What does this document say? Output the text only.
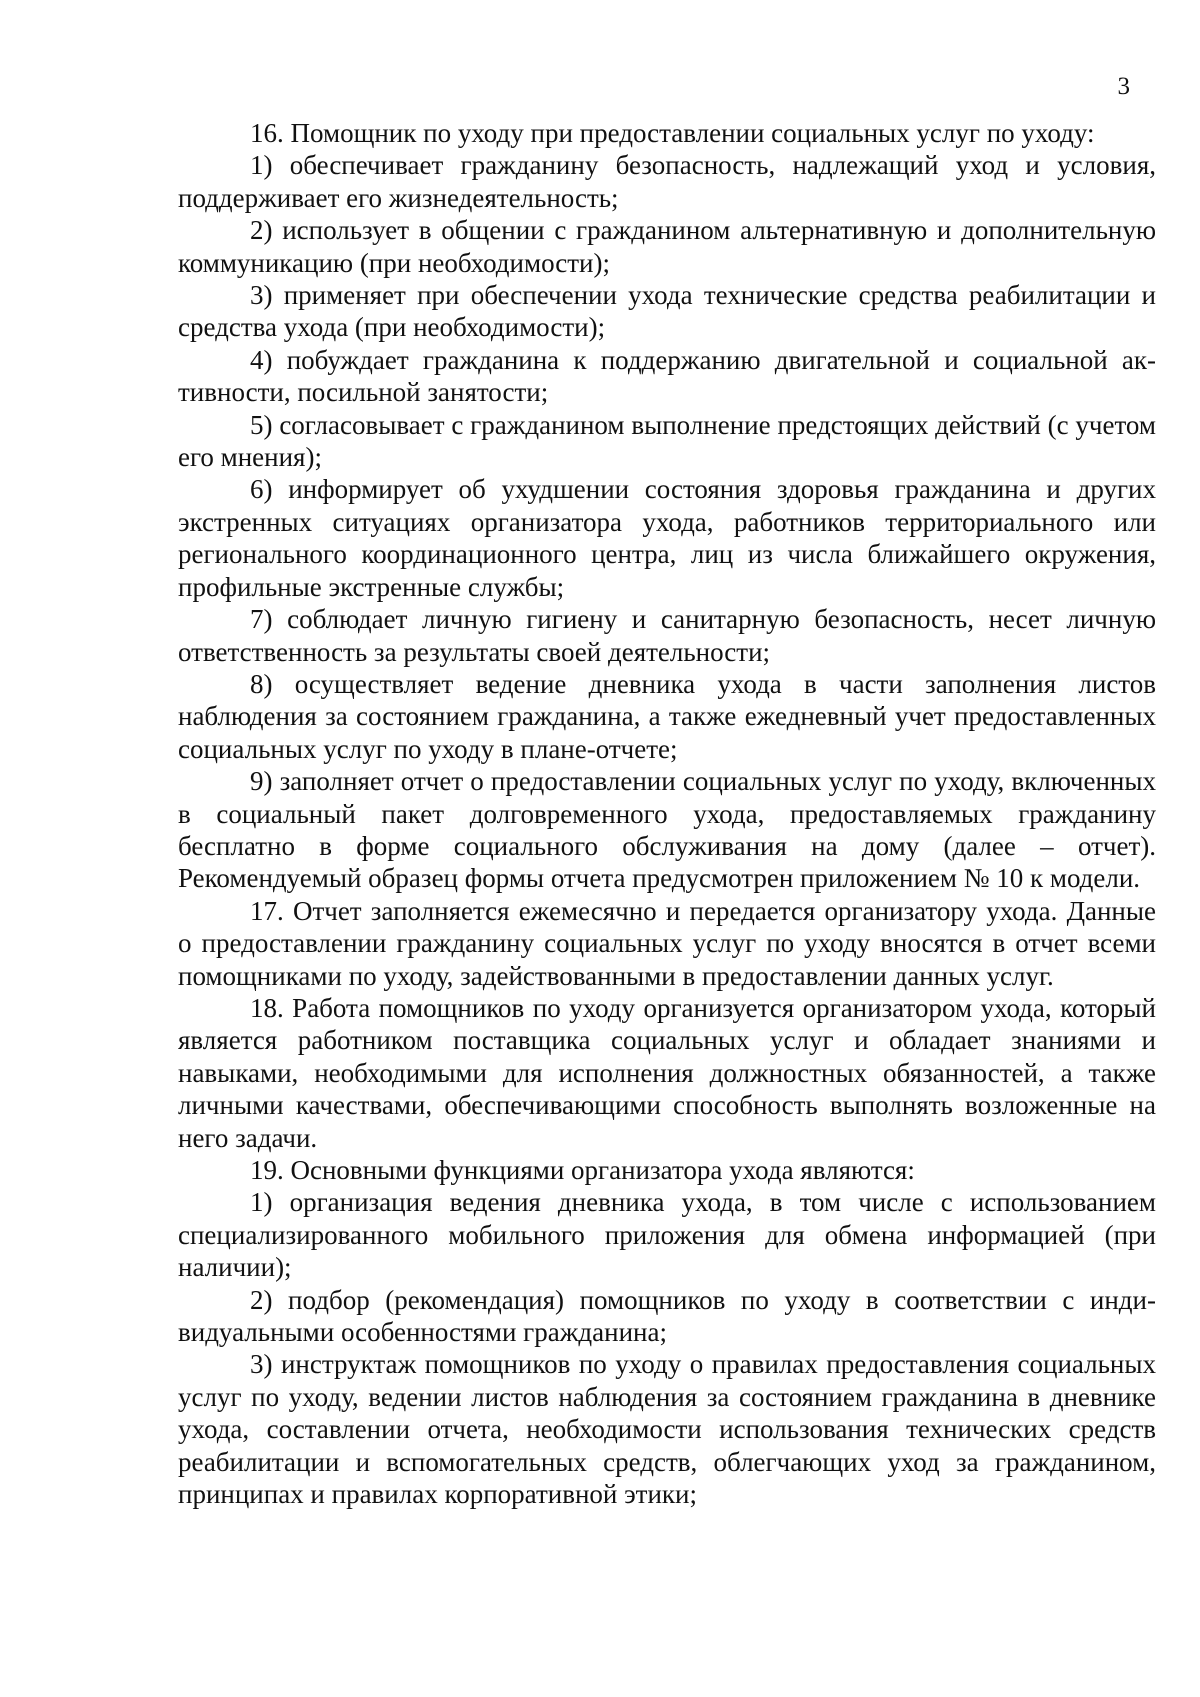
3

16. Помощник по уходу при предоставлении социальных услуг по уходу:

1) обеспечивает гражданину безопасность, надлежащий уход и условия, поддерживает его жизнедеятельность;

2) использует в общении с гражданином альтернативную и дополнительную коммуникацию (при необходимости);

3) применяет при обеспечении ухода технические средства реабилитации и средства ухода (при необходимости);

4) побуждает гражданина к поддержанию двигательной и социальной активности, посильной занятости;

5) согласовывает с гражданином выполнение предстоящих действий (с учетом его мнения);

6) информирует об ухудшении состояния здоровья гражданина и других экстренных ситуациях организатора ухода, работников территориального или регионального координационного центра, лиц из числа ближайшего окружения, профильные экстренные службы;

7) соблюдает личную гигиену и санитарную безопасность, несет личную ответственность за результаты своей деятельности;

8) осуществляет ведение дневника ухода в части заполнения листов наблюдения за состоянием гражданина, а также ежедневный учет предоставленных социальных услуг по уходу в плане-отчете;

9) заполняет отчет о предоставлении социальных услуг по уходу, включенных в социальный пакет долговременного ухода, предоставляемых гражданину бесплатно в форме социального обслуживания на дому (далее – отчет). Рекомендуемый образец формы отчета предусмотрен приложением № 10 к модели.

17. Отчет заполняется ежемесячно и передается организатору ухода. Данные о предоставлении гражданину социальных услуг по уходу вносятся в отчет всеми помощниками по уходу, задействованными в предоставлении данных услуг.

18. Работа помощников по уходу организуется организатором ухода, который является работником поставщика социальных услуг и обладает знаниями и навыками, необходимыми для исполнения должностных обязанностей, а также личными качествами, обеспечивающими способность выполнять возложенные на него задачи.

19. Основными функциями организатора ухода являются:

1) организация ведения дневника ухода, в том числе с использованием специализированного мобильного приложения для обмена информацией (при наличии);

2) подбор (рекомендация) помощников по уходу в соответствии с индивидуальными особенностями гражданина;

3) инструктаж помощников по уходу о правилах предоставления социальных услуг по уходу, ведении листов наблюдения за состоянием гражданина в дневнике ухода, составлении отчета, необходимости использования технических средств реабилитации и вспомогательных средств, облегчающих уход за гражданином, принципах и правилах корпоративной этики;
